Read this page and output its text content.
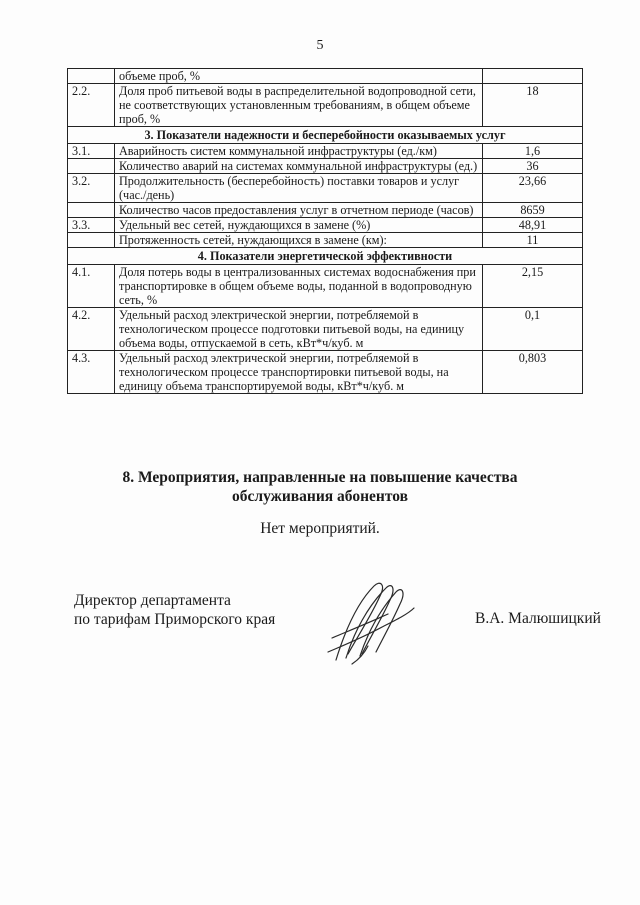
5
	объеме проб, %	
2.2.	Доля проб питьевой воды в распределительной водопроводной сети, не соответствующих установленным требованиям, в общем объеме проб, %	18
3. Показатели надежности и бесперебойности оказываемых услуг		
3.1.	Аварийность систем коммунальной инфраструктуры (ед./км)	1,6
	Количество аварий на системах коммунальной инфраструктуры (ед.)	36
3.2.	Продолжительность (бесперебойность) поставки товаров и услуг (час./день)	23,66
	Количество часов предоставления услуг в отчетном периоде (часов)	8659
3.3.	Удельный вес сетей, нуждающихся в замене (%)	48,91
	Протяженность сетей, нуждающихся в замене (км):	11
4. Показатели энергетической эффективности		
4.1.	Доля потерь воды в централизованных системах водоснабжения при транспортировке в общем объеме воды, поданной в водопроводную сеть, %	2,15
4.2.	Удельный расход электрической энергии, потребляемой в технологическом процессе подготовки питьевой воды, на единицу объема воды, отпускаемой в сеть, кВт*ч/куб. м	0,1
4.3.	Удельный расход электрической энергии, потребляемой в технологическом процессе транспортировки питьевой воды, на единицу объема транспортируемой воды, кВт*ч/куб. м	0,803
8. Мероприятия, направленные на повышение качества
обслуживания абонентов
Нет мероприятий.
Директор департамента
по тарифам Приморского края	В.А. Малюшицкий
